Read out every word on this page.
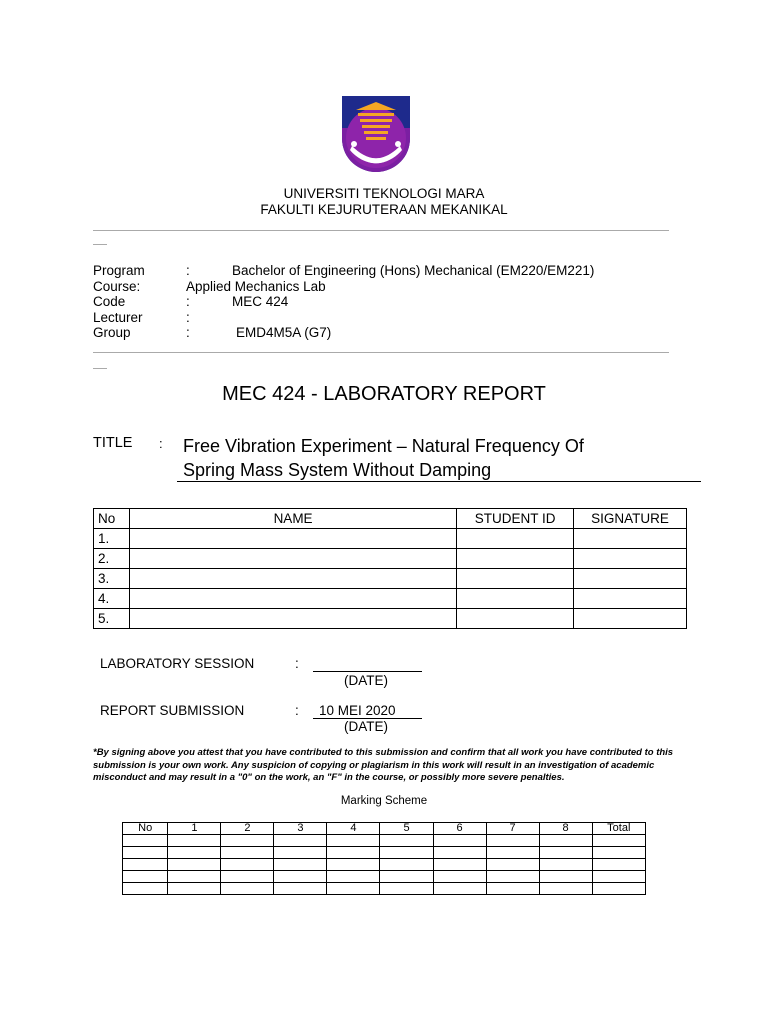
UNIVERSITI TEKNOLOGI MARA
FAKULTI KEJURUTERAAN MEKANIKAL
Program	:	Bachelor of Engineering (Hons) Mechanical (EM220/EM221)
Course:	Applied Mechanics Lab
Code	:	MEC 424
Lecturer	:
Group	:	EMD4M5A (G7)
MEC 424 - LABORATORY REPORT
TITLE : Free Vibration Experiment – Natural Frequency Of
Spring Mass System Without Damping
No	NAME	STUDENT ID	SIGNATURE
1.			
2.			
3.			
4.			
5.			
LABORATORY SESSION	:
(DATE)
REPORT SUBMISSION	:	10 MEI 2020
(DATE)
*By signing above you attest that you have contributed to this submission and confirm that all work you have contributed to this submission is your own work. Any suspicion of copying or plagiarism in this work will result in an investigation of academic misconduct and may result in a "0" on the work, an "F" in the course, or possibly more severe penalties.
Marking Scheme
No	1	2	3	4	5	6	7	8	Total
